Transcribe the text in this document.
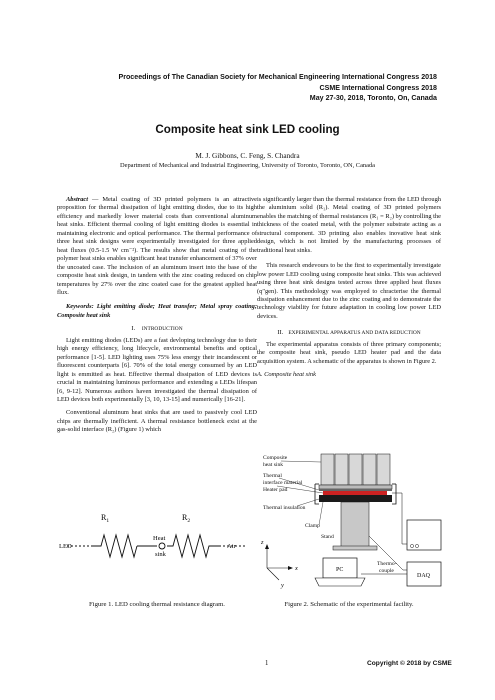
Proceedings of The Canadian Society for Mechanical Engineering International Congress 2018
CSME International Congress 2018
May 27-30, 2018, Toronto, On, Canada
Composite heat sink LED cooling
M. J. Gibbons, C. Feng, S. Chandra
Department of Mechanical and Industrial Engineering, University of Toronto, Toronto, ON, Canada

Abstract — Metal coating of 3D printed polymers is an attractive proposition for thermal dissipation of light emitting diodes, due to its high efficiency and markedly lower material costs than conventional aluminum heat sinks. Efficient thermal cooling of light emitting diodes is essential in maintaining electronic and optical performance. The thermal performance of three heat sink designs were experimentally investigated for three applied heat fluxes (0.5-1.5 W cm⁻²). The results show that metal coating of the polymer heat sinks enables significant heat transfer enhancement of 37% over the uncoated case. The inclusion of an aluminum insert into the base of the composite heat sink design, in tandem with the zinc coating reduced on chip temperatures by 27% over the zinc coated case for the greatest applied heat flux.

Keywords: Light emitting diode; Heat transfer; Metal spray coating; Composite heat sink

I. INTRODUCTION

Light emitting diodes (LEDs) are a fast devloping technology due to their high energy efficiency, long lifecycle, environmental benefits and optical performance [1-5]. LED lighting uses 75% less energy their incandescent or fluorescent counterparts [6]. 70% of the total energy consumed by an LED light is emmitted as heat. Effective thermal dissipation of LED devices is crucial in maintaining luminous performance and extending a LEDs lifespan [6, 9-12]. Numerous authors haven investigated the thermal dissipation of LED devices both experimentally [3, 10, 13-15] and numerically [16-21].

Conventional aluminum heat sinks that are used to passively cool LED chips are thermally inefficient. A thermal resistance bottleneck exist at the gas-solid interface (R₂) (Figure 1) which

is significantly larger than the thermal resistance from the LED through the aluminium solid (R₁). Metal coating of 3D printed polymers enables the matching of thermal resistances (R₁ = R₂) by controlling the thickness of the coated metal, with the polymer substrate acting as a structural component. 3D printing also enables inovative heat sink design, which is not limited by the manufacturing processes of traditional heat sinks.

This research endevours to be the first to experimentally investigate low power LED cooling using composite heat sinks. This was achieved using three heat sink designs tested across three applied heat fluxes (q″gen). This methodology was employed to chracterise the thermal dissipation enhancement due to the zinc coating and to demonstrate the technology viability for future adaptation in cooling low power LED devices.

II. EXPERIMENTAL APPARATUS AND DATA REDUCTION

The experimental apparatus consists of three primary components; the composite heat sink, pseudo LED heater pad and the data acquisition system. A schematic of the apparatus is shown in Figure 2.

A. Composite heat sink

$R_1$	$R_2$
LED
Heat
sink
Air
Figure 1. LED cooling thermal resistance diagram.
Composite
heat sink
Thermal
interface material
Heater pad
Thermal insulation
Clamp
Stand
Thermo-
couple
DAQ
PC
z
x
y
Figure 2. Schematic of the experimental facility.
1	Copyright © 2018 by CSME
